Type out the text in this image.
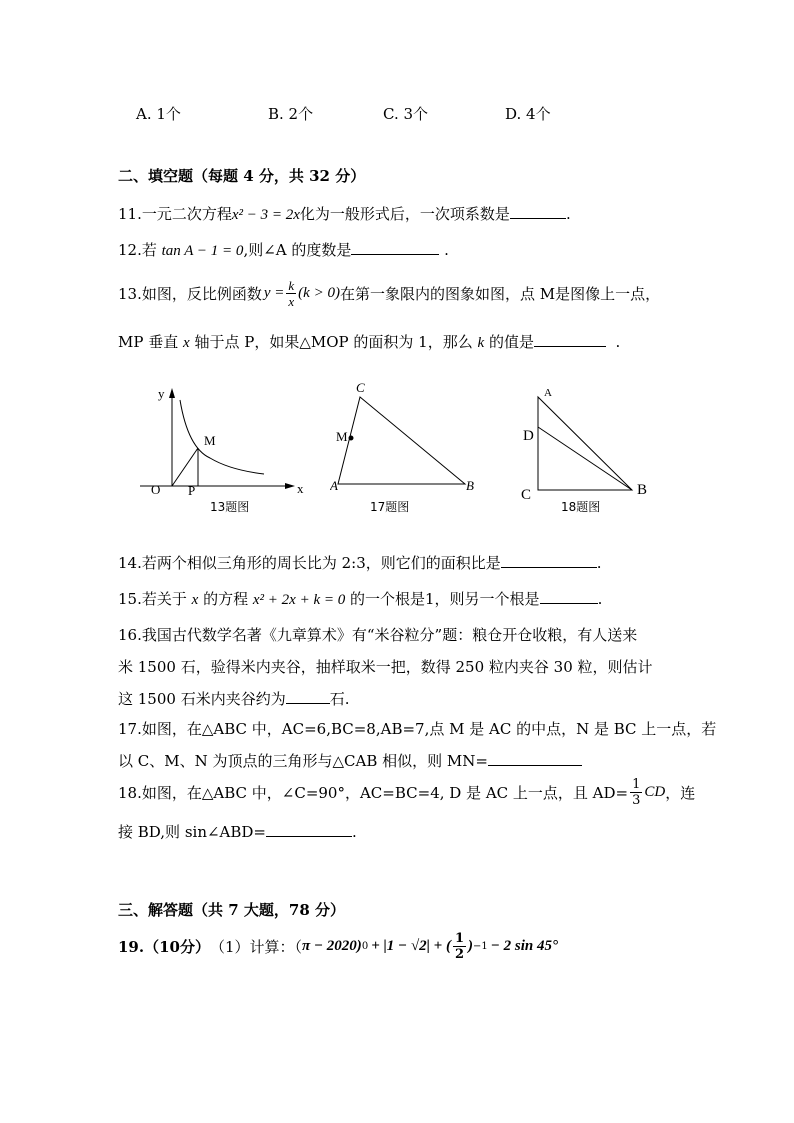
A. 1个	B. 2个	C. 3个	D. 4个
二、填空题（每题 4 分，共 32 分）
11.一元二次方程x² − 3 = 2x化为一般形式后，一次项系数是	.
12.若 tan A − 1 = 0,则∠A 的度数是	.
13.如图，反比例函数 $y = \frac{k}{x} (k > 0)$ 在第一象限内的图象如图，点 M是图像上一点，
MP 垂直 x 轴于点 P，如果△MOP 的面积为 1，那么 k 的值是	.
y
x
O P
M
13题图
C
M
A	B
17题图
A
D
C	B
18题图
14.若两个相似三角形的周长比为 2:3，则它们的面积比是	.
15.若关于 x 的方程 x² + 2x + k = 0 的一个根是1，则另一个根是	.
16.我国古代数学名著《九章算术》有“米谷粒分”题：粮仓开仓收粮，有人送来
米 1500 石，验得米内夹谷，抽样取米一把，数得 250 粒内夹谷 30 粒，则估计
这 1500 石米内夹谷约为	石.
17.如图，在△ABC 中，AC=6,BC=8,AB=7,点 M 是 AC 的中点，N 是 BC 上一点，若
以 C、M、N 为顶点的三角形与△CAB 相似，则 MN=
18.如图，在△ABC 中，∠C=90°，AC=BC=4, D 是 AC 上一点，且 $AD= \frac{1}{3}$ CD ，连
接 BD,则 sin∠ABD=	.
三、解答题（共 7 大题，78 分）
19.（10分） （1）计算：（ π − 2020) 0 + |1 − √2| + ( $\frac{1}{2}$ ) −1 − 2 sin 45°
